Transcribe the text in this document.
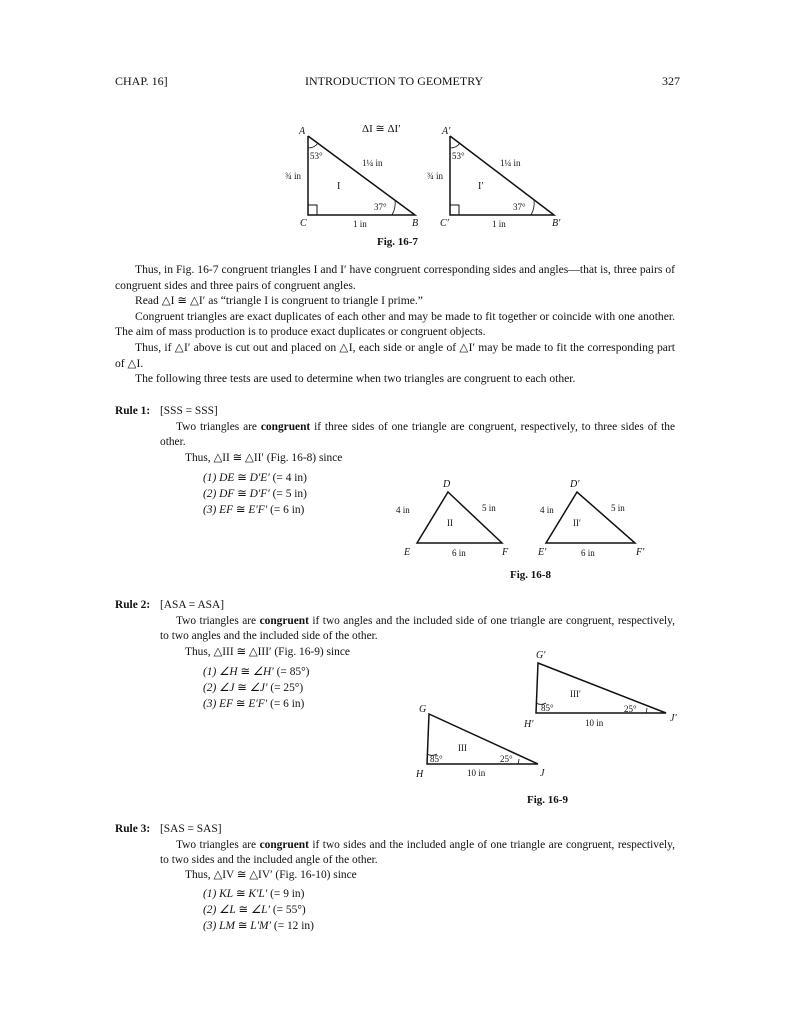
CHAP. 16]	INTRODUCTION TO GEOMETRY	327
ΔI ≅ ΔI′
A
C	B
53°
37°
¾ in
1¼ in
1 in
I
A′
C′	B′
53°
37°
¾ in
1¼ in
1 in
I′
Fig. 16-7

Thus, in Fig. 16-7 congruent triangles I and I′ have congruent corresponding sides and angles—that is, three pairs of congruent sides and three pairs of congruent angles.

Read △I ≅ △I′ as “triangle I is congruent to triangle I prime.”

Congruent triangles are exact duplicates of each other and may be made to fit together or coincide with one another. The aim of mass production is to produce exact duplicates or congruent objects.

Thus, if △I′ above is cut out and placed on △I, each side or angle of △I′ may be made to fit the corresponding part of △I.

The following three tests are used to determine when two triangles are congruent to each other.

Rule 1: [SSS = SSS]
Two triangles are congruent if three sides of one triangle are congruent, respectively, to three sides of the other.
Thus, △II ≅ △II′ (Fig. 16-8) since
(1) DE ≅ D′E′ (= 4 in)
(2) DF ≅ D′F′ (= 5 in)
(3) EF ≅ E′F′ (= 6 in)
D
E	F
4 in	5 in
6 in
II
D′
E′	F′
4 in	5 in
6 in
II′
Fig. 16-8
Rule 2: [ASA = ASA]
Two triangles are congruent if two angles and the included side of one triangle are congruent, respectively, to two angles and the included side of the other.
Thus, △III ≅ △III′ (Fig. 16-9) since
(1) ∠H ≅ ∠H′ (= 85°)
(2) ∠J ≅ ∠J′ (= 25°)
(3) EF ≅ E′F′ (= 6 in)
G′
H′
J′
85°	25°
10 in
III′
G
H	J
85°	25°
10 in
III
Fig. 16-9
Rule 3: [SAS = SAS]
Two triangles are congruent if two sides and the included angle of one triangle are congruent, respectively, to two sides and the included angle of the other.
Thus, △IV ≅ △IV′ (Fig. 16-10) since
(1) KL ≅ K′L′ (= 9 in)
(2) ∠L ≅ ∠L′ (= 55°)
(3) LM ≅ L′M′ (= 12 in)
